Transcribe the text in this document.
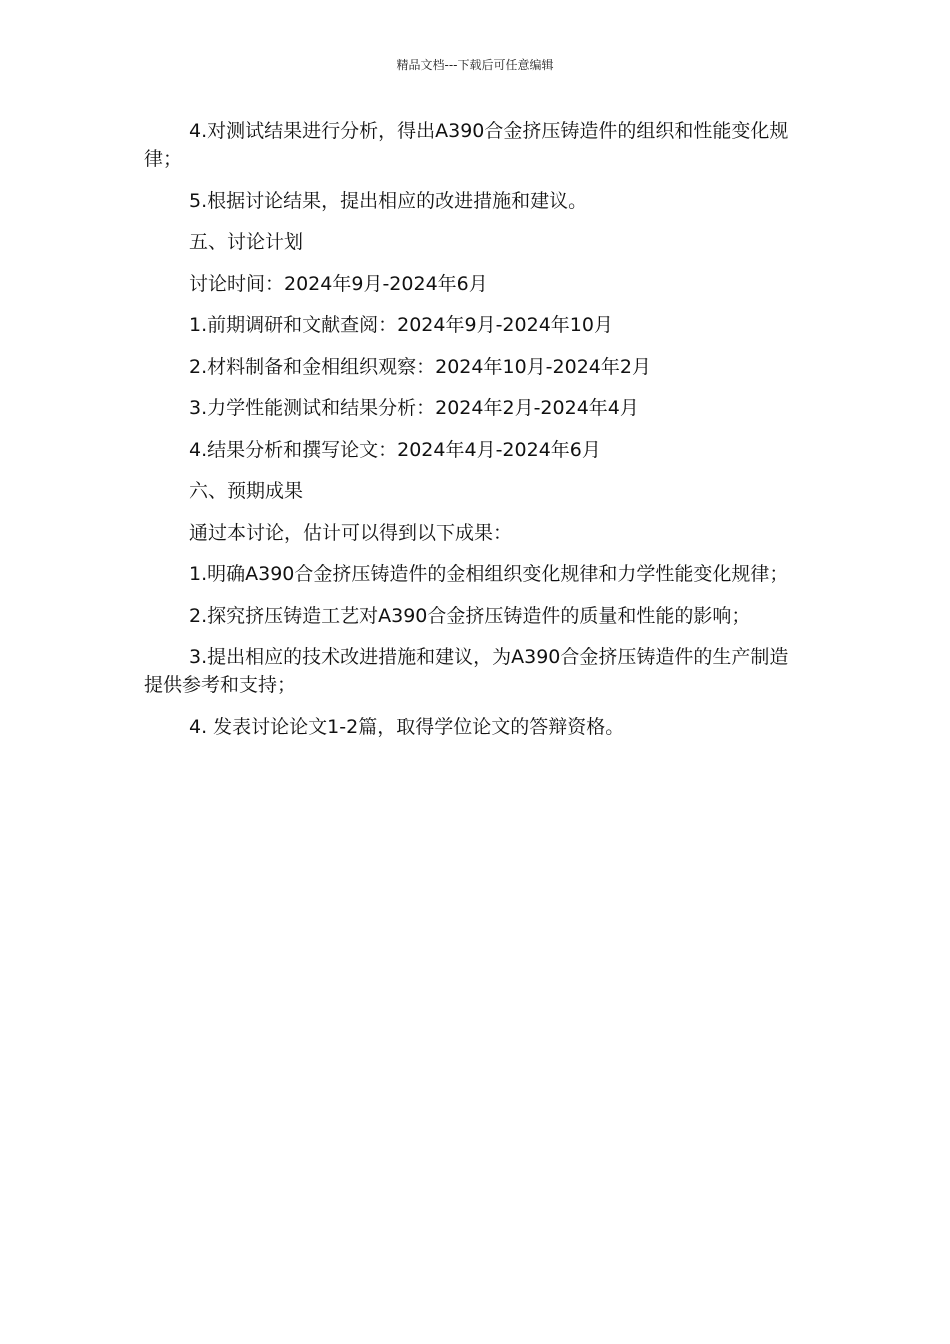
精品文档---下载后可任意编辑

4.对测试结果进行分析，得出A390合金挤压铸造件的组织和性能变化规律；

5.根据讨论结果，提出相应的改进措施和建议。

五、讨论计划

讨论时间：2024年9月-2024年6月

1.前期调研和文献查阅：2024年9月-2024年10月

2.材料制备和金相组织观察：2024年10月-2024年2月

3.力学性能测试和结果分析：2024年2月-2024年4月

4.结果分析和撰写论文：2024年4月-2024年6月

六、预期成果

通过本讨论，估计可以得到以下成果：

1.明确A390合金挤压铸造件的金相组织变化规律和力学性能变化规律；

2.探究挤压铸造工艺对A390合金挤压铸造件的质量和性能的影响；

3.提出相应的技术改进措施和建议，为A390合金挤压铸造件的生产制造提供参考和支持；

4. 发表讨论论文1-2篇，取得学位论文的答辩资格。
